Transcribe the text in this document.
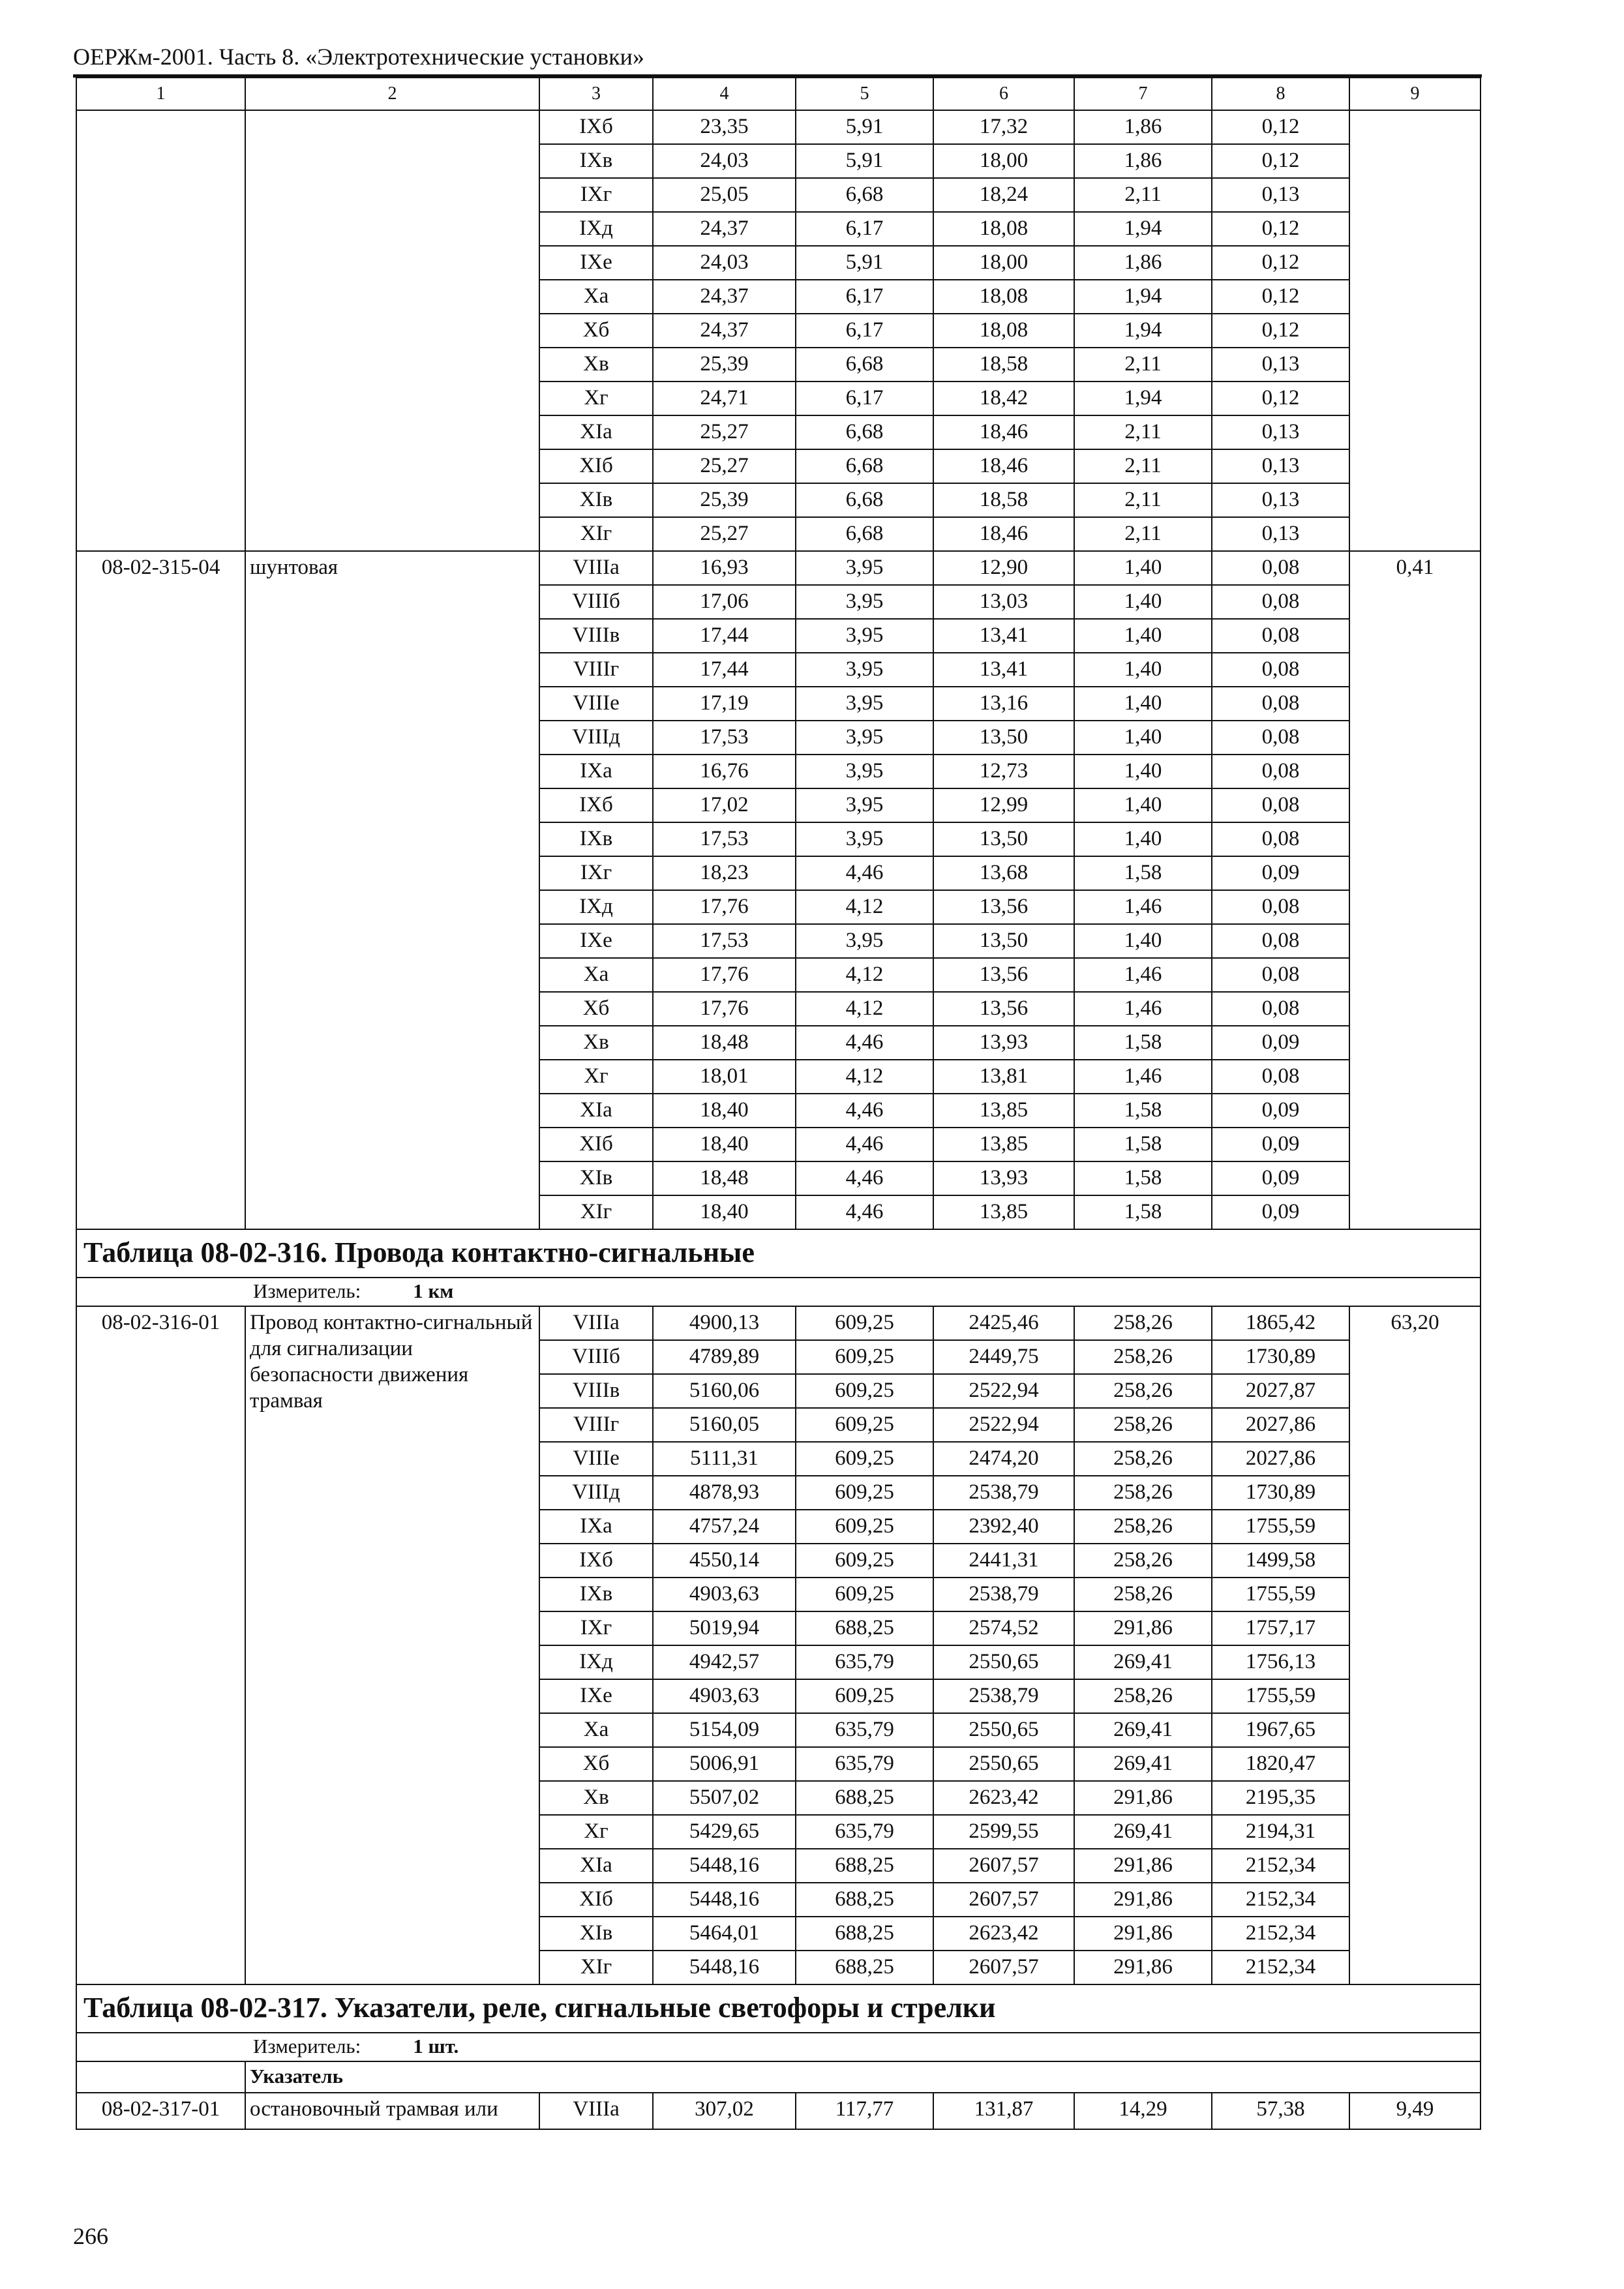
ОЕРЖм-2001. Часть 8. «Электротехнические установки»
1	2	3	4	5	6	7	8	9
		IXб	23,35	5,91	17,32	1,86	0,12	
		IXв	24,03	5,91	18,00	1,86	0,12	
		IXг	25,05	6,68	18,24	2,11	0,13	
		IXд	24,37	6,17	18,08	1,94	0,12	
		IXе	24,03	5,91	18,00	1,86	0,12	
		Xa	24,37	6,17	18,08	1,94	0,12	
		Xб	24,37	6,17	18,08	1,94	0,12	
		Xв	25,39	6,68	18,58	2,11	0,13	
		Xг	24,71	6,17	18,42	1,94	0,12	
		XIa	25,27	6,68	18,46	2,11	0,13	
		XIб	25,27	6,68	18,46	2,11	0,13	
		XIв	25,39	6,68	18,58	2,11	0,13	
		XIг	25,27	6,68	18,46	2,11	0,13	
08-02-315-04	шунтовая	VIIIa	16,93	3,95	12,90	1,40	0,08	0,41
		VIIIб	17,06	3,95	13,03	1,40	0,08	
		VIIIв	17,44	3,95	13,41	1,40	0,08	
		VIIIг	17,44	3,95	13,41	1,40	0,08	
		VIIIе	17,19	3,95	13,16	1,40	0,08	
		VIIIд	17,53	3,95	13,50	1,40	0,08	
		IXa	16,76	3,95	12,73	1,40	0,08	
		IXб	17,02	3,95	12,99	1,40	0,08	
		IXв	17,53	3,95	13,50	1,40	0,08	
		IXг	18,23	4,46	13,68	1,58	0,09	
		IXд	17,76	4,12	13,56	1,46	0,08	
		IXе	17,53	3,95	13,50	1,40	0,08	
		Xa	17,76	4,12	13,56	1,46	0,08	
		Xб	17,76	4,12	13,56	1,46	0,08	
		Xв	18,48	4,46	13,93	1,58	0,09	
		Xг	18,01	4,12	13,81	1,46	0,08	
		XIa	18,40	4,46	13,85	1,58	0,09	
		XIб	18,40	4,46	13,85	1,58	0,09	
		XIв	18,48	4,46	13,93	1,58	0,09	
		XIг	18,40	4,46	13,85	1,58	0,09	
Таблица 08-02-316. Провода контактно-сигнальные								
Измеритель: 1 км								
08-02-316-01	Провод контактно-сигнальный для сигнализации безопасности движения трамвая	VIIIa	4900,13	609,25	2425,46	258,26	1865,42	63,20
		VIIIб	4789,89	609,25	2449,75	258,26	1730,89	
		VIIIв	5160,06	609,25	2522,94	258,26	2027,87	
		VIIIг	5160,05	609,25	2522,94	258,26	2027,86	
		VIIIе	5111,31	609,25	2474,20	258,26	2027,86	
		VIIIд	4878,93	609,25	2538,79	258,26	1730,89	
		IXa	4757,24	609,25	2392,40	258,26	1755,59	
		IXб	4550,14	609,25	2441,31	258,26	1499,58	
		IXв	4903,63	609,25	2538,79	258,26	1755,59	
		IXг	5019,94	688,25	2574,52	291,86	1757,17	
		IXд	4942,57	635,79	2550,65	269,41	1756,13	
		IXе	4903,63	609,25	2538,79	258,26	1755,59	
		Xa	5154,09	635,79	2550,65	269,41	1967,65	
		Xб	5006,91	635,79	2550,65	269,41	1820,47	
		Xв	5507,02	688,25	2623,42	291,86	2195,35	
		Xг	5429,65	635,79	2599,55	269,41	2194,31	
		XIa	5448,16	688,25	2607,57	291,86	2152,34	
		XIб	5448,16	688,25	2607,57	291,86	2152,34	
		XIв	5464,01	688,25	2623,42	291,86	2152,34	
		XIг	5448,16	688,25	2607,57	291,86	2152,34	
Таблица 08-02-317. Указатели, реле, сигнальные светофоры и стрелки								
Измеритель: 1 шт.								
	Указатель							
08-02-317-01	остановочный трамвая или	VIIIa	307,02	117,77	131,87	14,29	57,38	9,49
266
